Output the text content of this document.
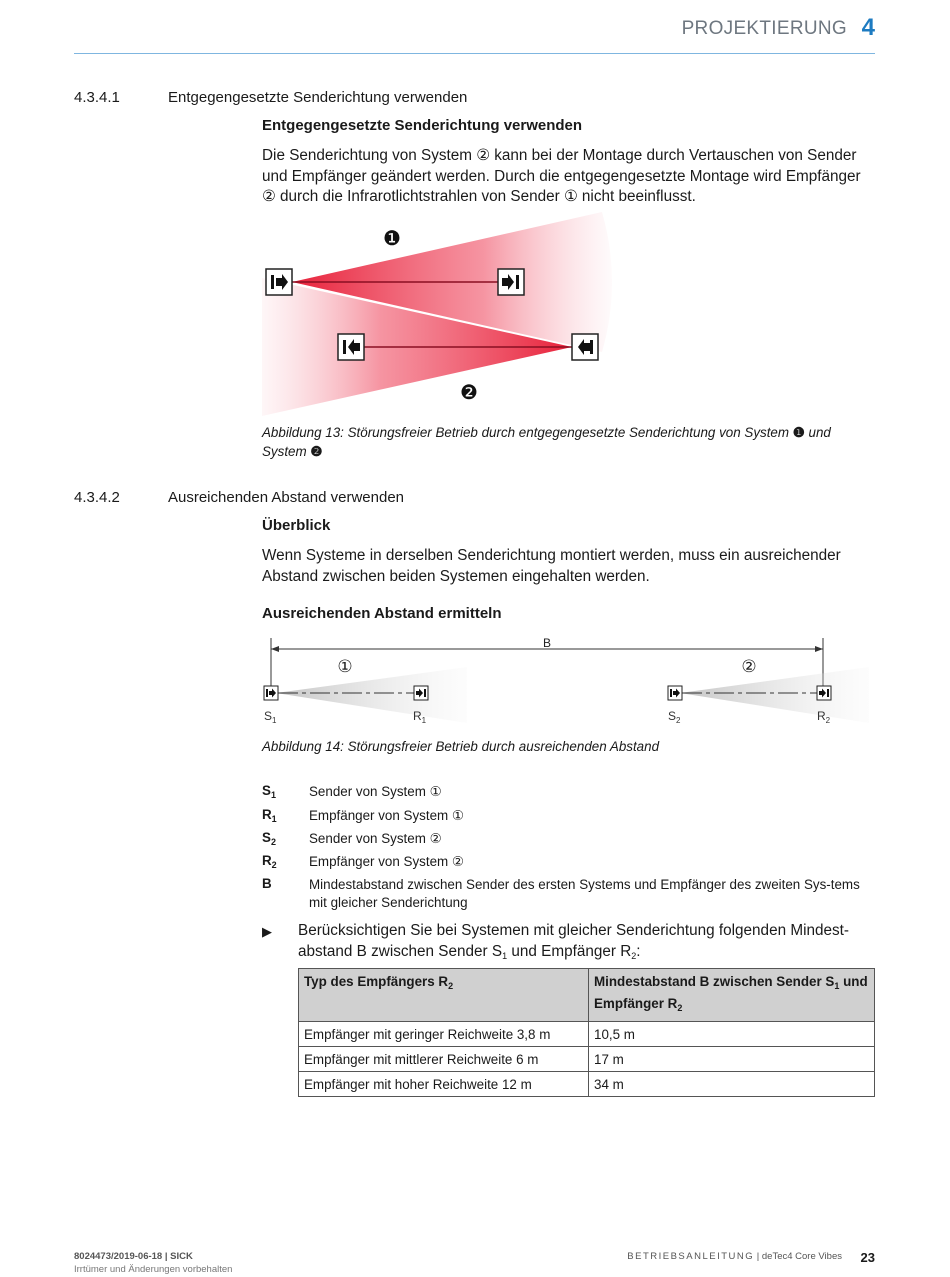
PROJEKTIERUNG 4
4.3.4.1	Entgegengesetzte Senderichtung verwenden
Entgegengesetzte Senderichtung verwenden
Die Senderichtung von System ② kann bei der Montage durch Vertauschen von Sender und Empfänger geändert werden. Durch die entgegengesetzte Montage wird Empfänger ② durch die Infrarotlichtstrahlen von Sender ① nicht beeinflusst.
❶
❷
Abbildung 13: Störungsfreier Betrieb durch entgegengesetzte Senderichtung von System ❶ und
System ❷
4.3.4.2	Ausreichenden Abstand verwenden
Überblick
Wenn Systeme in derselben Senderichtung montiert werden, muss ein ausreichender Abstand zwischen beiden Systemen eingehalten werden.
Ausreichenden Abstand ermitteln
B
①	②
$S_1$	$R_1$	$S_2$	$R_2$
Abbildung 14: Störungsfreier Betrieb durch ausreichenden Abstand
$S_1$ Sender von System ①
$R_1$ Empfänger von System ①
$S_2$ Sender von System ②
$R_2$ Empfänger von System ②
B	Mindestabstand zwischen Sender des ersten Systems und Empfänger des zweiten Sys-tems mit gleicher Senderichtung
▶ Berücksichtigen Sie bei Systemen mit gleicher Senderichtung folgenden Mindest-abstand B zwischen Sender $S_1$ und Empfänger $R_2$:
Typ des Empfängers $R_2$	Mindestabstand B zwischen Sender $S_1$ und Empfänger $R_2$
Empfänger mit geringer Reichweite 3,8 m	10,5 m
Empfänger mit mittlerer Reichweite 6 m	17 m
Empfänger mit hoher Reichweite 12 m	34 m
8024473/2019-06-18 | SICK
Irrtümer und Änderungen vorbehalten
BETRIEBSANLEITUNG | deTec4 Core Vibes 23
